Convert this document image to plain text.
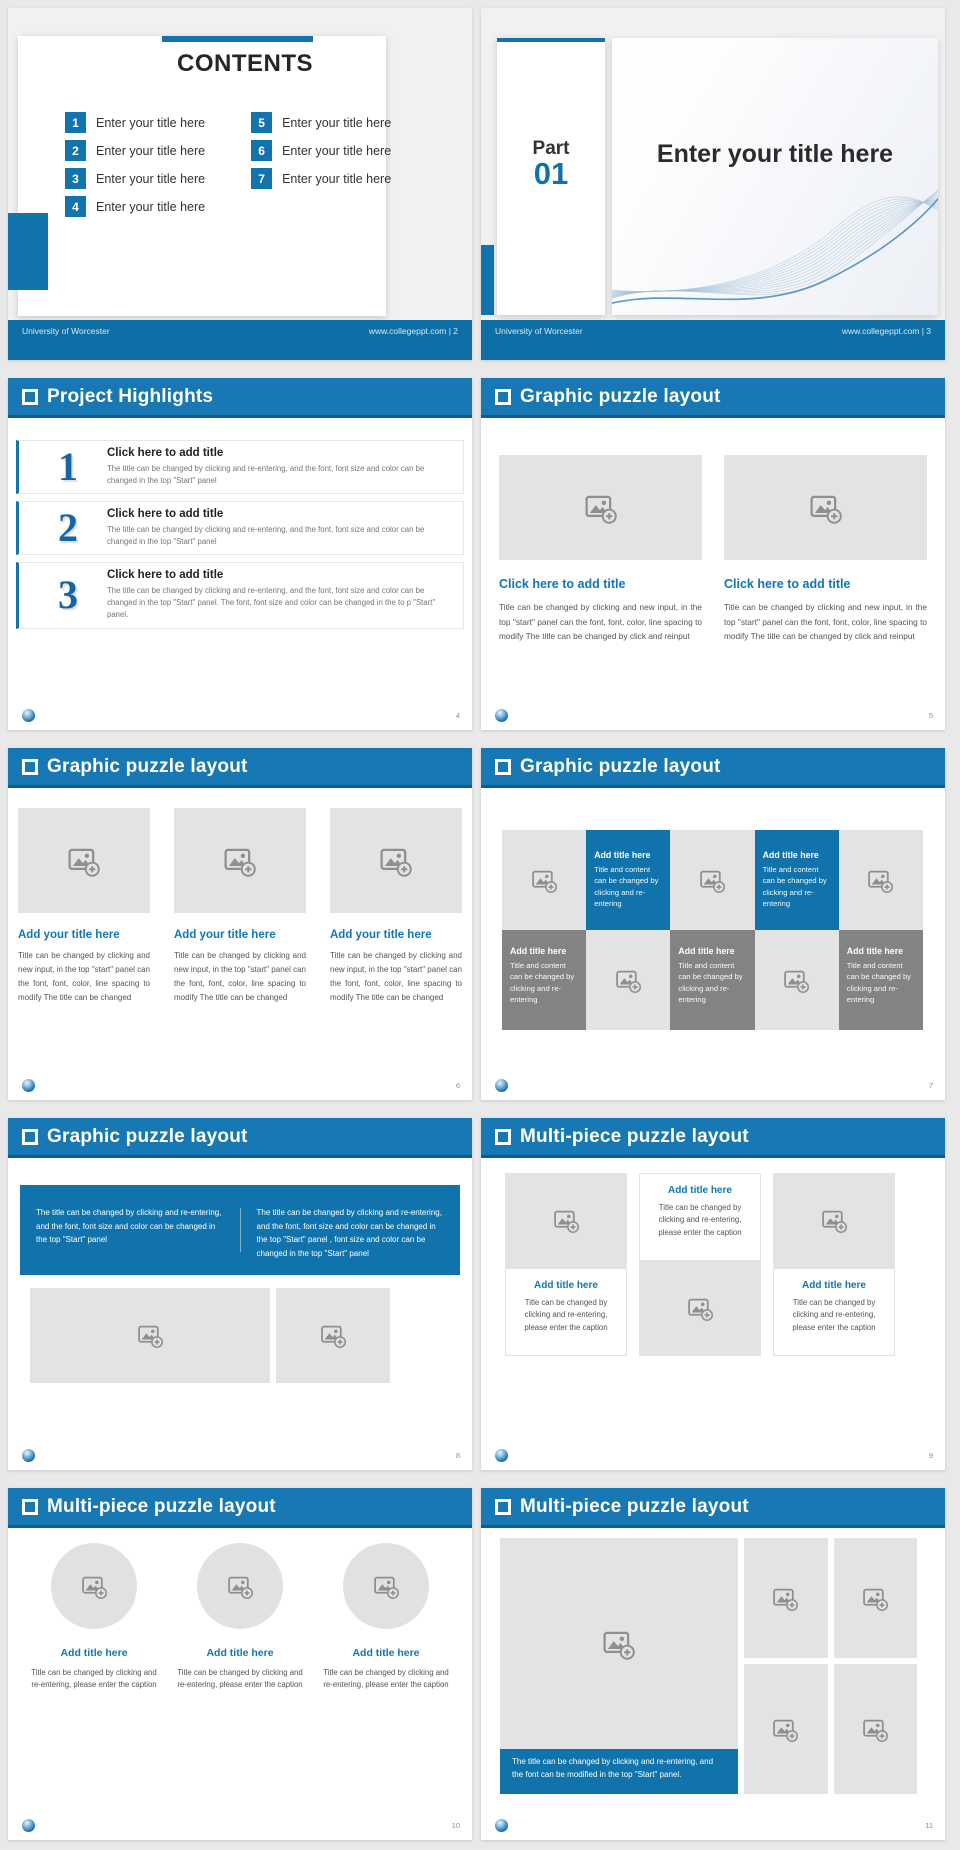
CONTENTS
1	Enter your title here
2	Enter your title here
3	Enter your title here
4	Enter your title here
5	Enter your title here
6	Enter your title here
7	Enter your title here
University of Worcester	www.collegeppt.com | 2
Part
01
Enter your title here
University of Worcester	www.collegeppt.com | 3
Project Highlights
1	Click here to add title
The title can be changed by clicking and re-entering, and the font, font size and color can be changed in the top "Start" panel
2	Click here to add title
The title can be changed by clicking and re-entering, and the font, font size and color can be changed in the top "Start" panel
3	Click here to add title
The title can be changed by clicking and re-entering, and the font, font size and color can be changed in the top "Start" panel. The font, font size and color can be changed in the to p "Start" panel.
4
Graphic puzzle layout
Click here to add title
Title can be changed by clicking and new input, in the top "start" panel can the font, font, color, line spacing to modify The title can be changed by click and reinput
Click here to add title
Title can be changed by clicking and new input, in the top "start" panel can the font, font, color, line spacing to modify The title can be changed by click and reinput
5
Graphic puzzle layout
Add your title here
Title can be changed by clicking and new input, in the top "start" panel can the font, font, color, line spacing to modify The title can be changed
Add your title here
Title can be changed by clicking and new input, in the top "start" panel can the font, font, color, line spacing to modify The title can be changed
Add your title here
Title can be changed by clicking and new input, in the top "start" panel can the font, font, color, line spacing to modify The title can be changed
6
Graphic puzzle layout
Add title here
Title and content can be changed by clicking and re-entering
Add title here
Title and content can be changed by clicking and re-entering
Add title here
Title and content can be changed by clicking and re-entering
Add title here
Title and content can be changed by clicking and re-entering
Add title here
Title and content can be changed by clicking and re-entering
7
Graphic puzzle layout
The title can be changed by clicking and re-entering, and the font, font size and color can be changed in the top "Start" panel
The title can be changed by clicking and re-entering, and the font, font size and color can be changed in the top "Start" panel , font size and color can be changed in the top "Start" panel
8
Multi-piece puzzle layout
Add title here
Title can be changed by clicking and re-entering, please enter the caption
Add title here
Title can be changed by clicking and re-entering, please enter the caption
Add title here
Title can be changed by clicking and re-entering, please enter the caption
9
Multi-piece puzzle layout
Add title here
Title can be changed by clicking and re-entering, please enter the caption
Add title here
Title can be changed by clicking and re-entering, please enter the caption
Add title here
Title can be changed by clicking and re-entering, please enter the caption
10
Multi-piece puzzle layout
The title can be changed by clicking and re-entering, and the font can be modified in the top "Start" panel.
11
